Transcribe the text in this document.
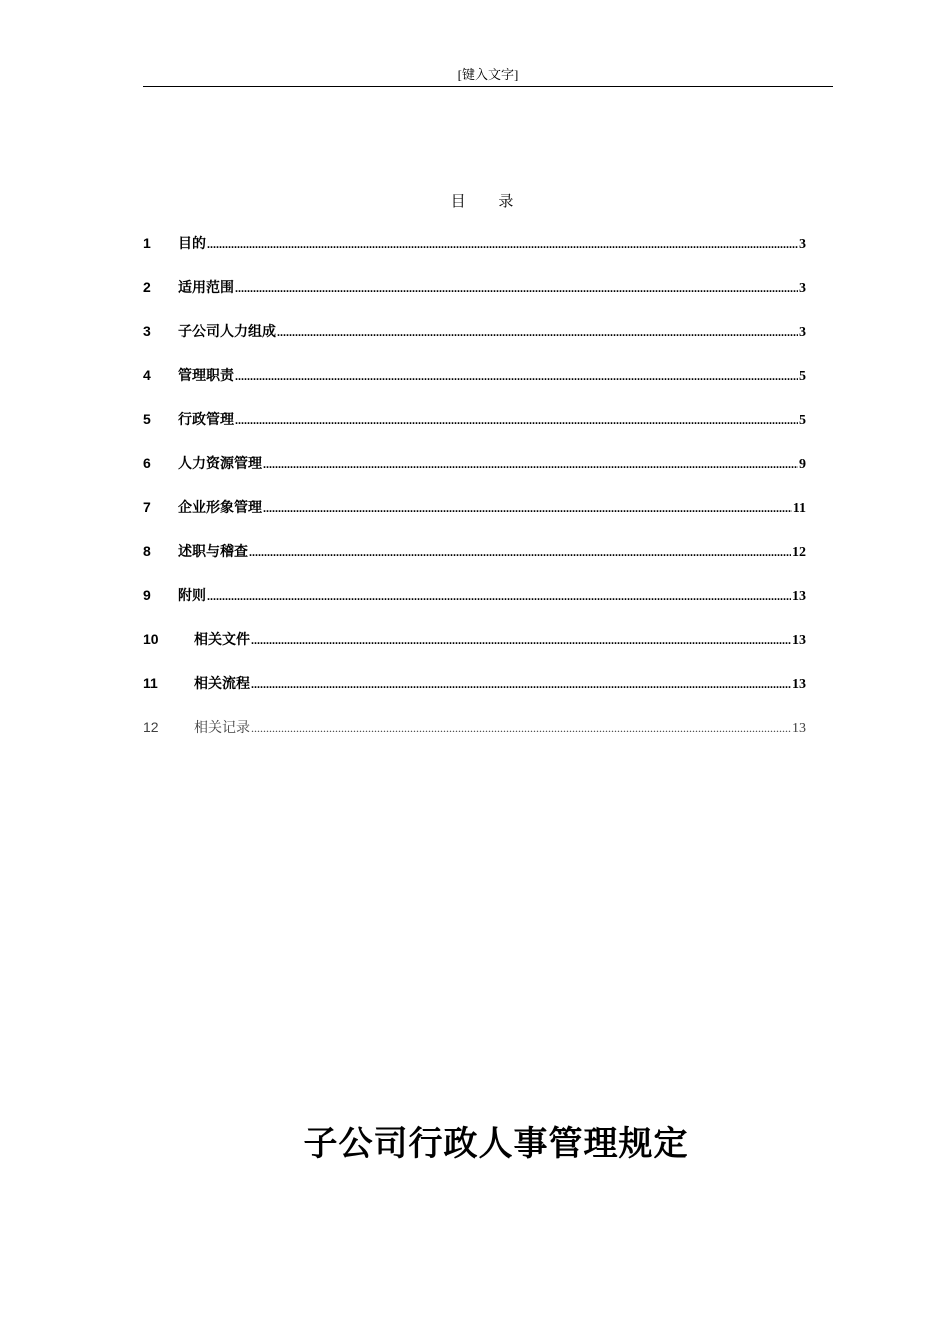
[键入文字]
目 录
1	目的 .....	3
2	适用范围 .....	3
3	子公司人力组成 .....	3
4	管理职责 .....	5
5	行政管理 .....	5
6	人力资源管理 .....	9
7	企业形象管理 .....	11
8	述职与稽查 .....	12
9	附则 .....	13
10	相关文件 .....	13
11	相关流程 .....	13
12	相关记录 .....	13
子公司行政人事管理规定
